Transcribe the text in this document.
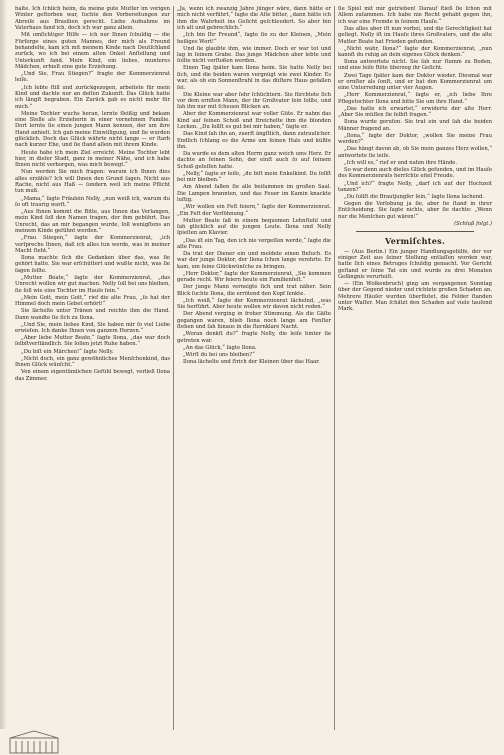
halte. Ich ſchlich heim, da meine gute Mutter im vorigen Winter geſtorben war, ſuchte den Vorbereitungen zur Abreiſe aus Brasilien gerecht. Liebe Aufnahme im Vaterhaus fand ich, doch ich war ganz allein.

Mit umſichtiger Hilfe — ich nur Ihnen ſchuldig — die Fürſorge eines guten Mannes, der mich als Freund behandelte, kam ich mit meinem Kinde nach Deutſchland zurück, wo ich bei einem alten Onkel Anſtellung und Unterkunft fand. Mein Kind, ein liebes, munteres Mädchen, erhielt eine gute Erziehung.

„Und Sie, Frau Stiegen?“ fragte der Kommerzienrat leiſe.

„Ich lebte ſtill und zurückgezogen, arbeitete für mein Kind und dachte nur an deſſen Zukunft. Das Glück hatte ich längſt begraben. Ein Zurück gab es nicht mehr für mich.“

Meine Tochter wuchs heran, lernte fleißig und bekam eine Stelle als Erzieherin in einer vornehmen Familie. Dort lernte ſie einen jungen Mann kennen, der um ihre Hand anhielt. Ich gab meine Einwilligung, und ſie wurden glücklich. Doch das Glück währte nicht lange — er ſtarb nach kurzer Ehe, und ſie ſtand allein mit ihrem Kinde.

Heute habe ich mein Ziel erreicht. Meine Tochter lebt hier, in dieſer Stadt, ganz in meiner Nähe, und ich habe Ihnen nicht verborgen, was mich bewegt.“

Nun werden Sie mich fragen: warum ich Ihnen dies alles erzähle? Ich will Ihnen den Grund ſagen. Nicht aus Rache, nicht aus Haß — ſondern weil ich meine Pflicht tun muß.

„Mama,“ ſagte Fräulein Nelly, „nun weiß ich, warum du ſo oft traurig warſt.“

„Aus Ihnen kommt die Bitte, aus Ihnen das Verlangen, mein Kind ſoll den Namen tragen, der ihm gebührt. Das Unrecht, das an mir begangen wurde, ſoll wenigſtens an meinem Kinde geſühnt werden.“

„Frau Stiegen,“ ſagte der Kommerzienrat, „ich verſpreche Ihnen, daß ich alles tun werde, was in meiner Macht ſteht.“

Ilona machte ſich die Gedanken über das, was ſie gehört hatte. Sie war erſchüttert und wußte nicht, was ſie ſagen ſollte.

„Mutter Beate,“ ſagte der Kommerzienrat, „das Unrecht wollen wir gut machen. Nelly ſoll bei uns bleiben, ſie ſoll wie eine Tochter im Hauſe ſein.“

„Mein Gott, mein Gott,“ rief die alte Frau, „ſo hat der Himmel doch mein Gebet erhört!“

Sie lächelte unter Tränen und reichte ihm die Hand. Dann wandte ſie ſich zu Ilona.

„Und Sie, mein liebes Kind, Sie haben mir ſo viel Liebe erwieſen. Ich danke Ihnen von ganzem Herzen.“

„Aber liebe Mutter Beate,“ ſagte Ilona, „das war doch ſelbſtverſtändlich. Sie ſollen jetzt Ruhe haben.“

„Du biſt ein Märchen!“ ſagte Nelly.

„Nicht doch, ein ganz gewöhnliches Menſchenkind, das Ihnen Glück wünſcht.“

Von einem eigentümlichen Gefühl bewegt, verließ Ilona das Zimmer.

„Ja, wenn ich zwanzig Jahre jünger wäre, dann hätte er mich nicht verführt,“ ſagte die Alte bitter, „dann hätte ich ihm die Wahrheit ins Geſicht geſchleudert. So aber bin ich alt und gebrechlich.“

„Ich bin Ihr Freund“, ſagte ſie zu der Kleinen, „Mein heiliges Wort!“

Und ſie glaubte ihm, wie immer. Doch er war tot und lag in ſeinem Grabe. Das junge Mädchen aber lebte und ſollte nicht verſtoßen werden.

Einen Tag ſpäter kam Ilona heim. Sie hatte Nelly bei ſich, und die beiden waren vergnügt wie zwei Kinder. Es war, als ob ein Sonnenſtrahl in das düſtere Haus gefallen ſei.

Die Kleine war aber ſehr ſchüchtern. Sie fürchtete ſich vor dem ernſten Mann, der ihr Großvater ſein ſollte, und ſah ihn nur mit ſcheuen Blicken an.

Aber der Kommerzienrat war voller Güte. Er nahm das Kind auf ſeinen Schoß und ſtreichelte ihm die blonden Locken. „Du ſollſt es gut bei mir haben,“ ſagte er.

Das Kind ſah ihn an, zuerſt ängſtlich, dann zutraulicher. Endlich ſchlang es die Arme um ſeinen Hals und küßte ihn.

Da wurde es dem alten Herrn ganz weich ums Herz. Er dachte an ſeinen Sohn, der einſt auch ſo auf ſeinem Schoß geſeſſen hatte.

„Nelly,“ ſagte er leiſe, „du biſt mein Enkelkind. Du ſollſt bei mir bleiben.“

Am Abend ſaßen ſie alle beiſammen im großen Saal. Die Lampen brannten, und das Feuer im Kamin knackte luſtig.

„Wir wollen ein Feſt feiern,“ ſagte der Kommerzienrat. „Ein Feſt der Verſöhnung.“

Mutter Beate ſaß in einem bequemen Lehnſtuhl und ſah glücklich auf die jungen Leute. Ilona und Nelly ſpielten am Klavier.

„Das iſt ein Tag, den ich nie vergeſſen werde,“ ſagte die alte Frau.

Da trat der Diener ein und meldete einen Beſuch. Es war der junge Doktor, der Ilona ſchon lange verehrte. Er kam, um ſeine Glückwünſche zu bringen.

„Herr Doktor,“ ſagte der Kommerzienrat, „Sie kommen gerade recht. Wir feiern heute ein Familienfeſt.“

Der junge Mann verneigte ſich und trat näher. Sein Blick ſuchte Ilona, die errötend den Kopf ſenkte.

„Ich weiß,“ ſagte der Kommerzienrat lächelnd, „was Sie herführt. Aber heute wollen wir davon nicht reden.“

Der Abend verging in froher Stimmung. Als die Gäſte gegangen waren, blieb Ilona noch lange am Fenſter ſtehen und ſah hinaus in die ſternklare Nacht.

„Woran denkſt du?“ fragte Nelly, die leiſe hinter ſie getreten war.

„An das Glück,“ ſagte Ilona.

„Wirſt du bei uns bleiben?“

Ilona lächelte und ſtrich der Kleinen über das Haar.

ſie Spiel mit mir getrieben! Darauf ſtieß ſie ſchon mit Allem zuſammen. Ich habe nie Recht gehabt gegen ihn, ich war eine Fremde in ſeinem Hauſe.“

Das alles aber iſt nun vorbei, und die Gerechtigkeit hat geſiegt. Nelly iſt im Hauſe ihres Großvaters, und die alte Mutter Beate hat Frieden gefunden.

„Nicht wahr, Ilona?“ ſagte der Kommerzienrat, „nun kannſt du ruhig an dein eigenes Glück denken.“

Ilona antwortete nicht. Sie ſah nur ſtumm zu Boden, und eine leiſe Röte überzog ihr Geſicht.

Zwei Tage ſpäter kam der Doktor wieder. Diesmal war er ernſter als ſonſt, und er bat den Kommerzienrat um eine Unterredung unter vier Augen.

„Herr Kommerzienrat,“ ſagte er, „ich liebe Ihre Pflegetochter Ilona und bitte Sie um ihre Hand.“

„Das hatte ich erwartet,“ erwiderte der alte Herr. „Aber Sie müſſen ſie ſelbſt fragen.“

Ilona wurde gerufen. Sie trat ein und ſah die beiden Männer fragend an.

„Ilona,“ ſagte der Doktor, „wollen Sie meine Frau werden?“

„Das hängt davon ab, ob Sie mein ganzes Herz wollen,“ antwortete ſie leiſe.

„Ich will es,“ rief er und nahm ihre Hände.

So war denn auch dieſes Glück gefunden, und im Hauſe des Kommerzienrats herrſchte eitel Freude.

„Und ich?“ fragte Nelly, „darf ich auf der Hochzeit tanzen?“

„Du ſollſt die Brautjungfer ſein,“ ſagte Ilona lachend.

Gegen die Verlobung ja ſie, aber ſie ſtand in ihrer Entſcheidung. Sie ſagte nichts, aber ſie dachte: „Wenn nur die Menſchen gut wären!“

(Schluß folgt.)
Vermiſchtes.

— (Aus Berlin.) Ein junger Handlungsgehilfe, der vor einiger Zeit aus ſeiner Stellung entlaſſen worden war, hatte ſich eines Betruges ſchuldig gemacht. Vor Gericht geſtand er ſeine Tat ein und wurde zu drei Monaten Gefängnis verurteilt.

— (Ein Wolkenbruch) ging am vergangenen Sonntag über der Gegend nieder und richtete großen Schaden an. Mehrere Häuſer wurden überflutet, die Felder ſtanden unter Waſſer. Man ſchätzt den Schaden auf viele tauſend Mark.
